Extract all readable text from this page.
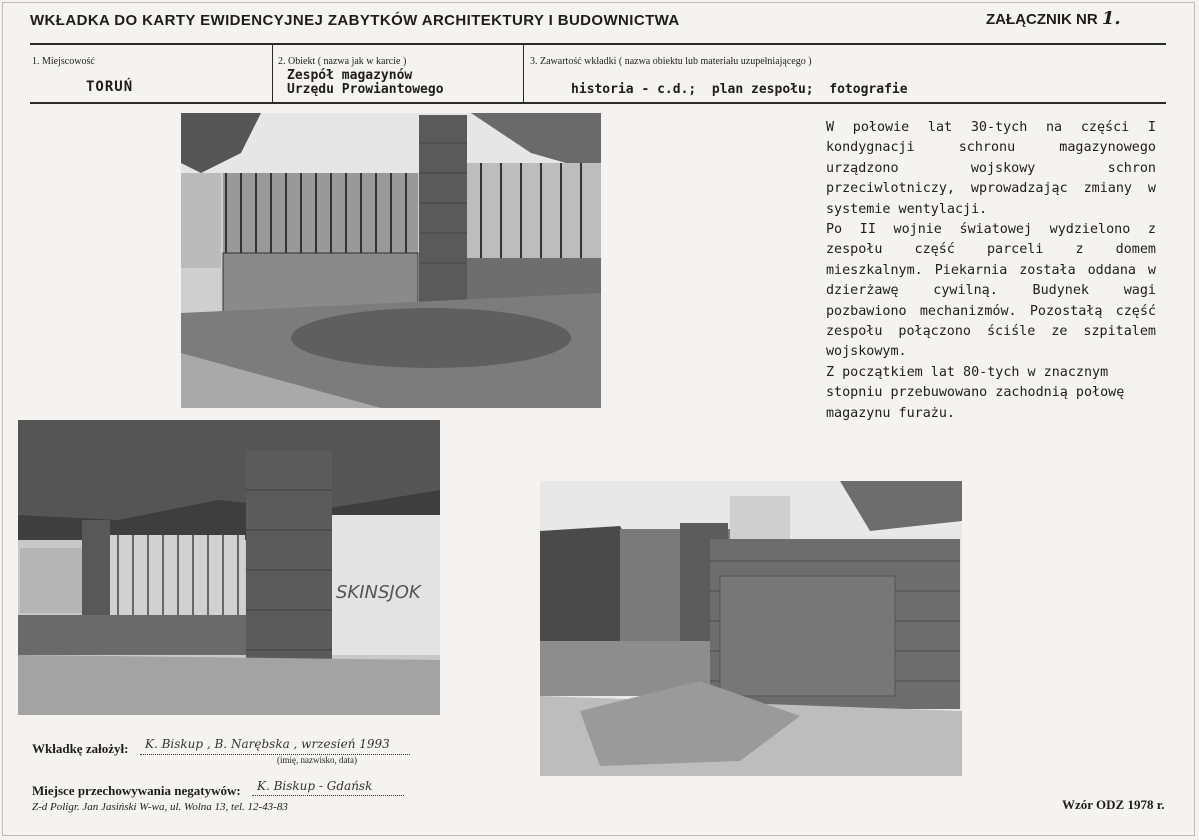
WKŁADKA DO KARTY EWIDENCYJNEJ ZABYTKÓW ARCHITEKTURY I BUDOWNICTWA	ZAŁĄCZNIK NR 1.
1. Miejscowość
TORUŃ
2. Obiekt ( nazwa jak w karcie )
Zespół magazynów
Urzędu Prowiantowego
3. Zawartość wkładki ( nazwa obiektu lub materiału uzupełniającego )
historia - c.d.;  plan zespołu;  fotografie

W połowie lat 30-tych na części I kondygnacji schronu magazynowego urządzono wojskowy schron przeciwlotniczy, wprowadzając zmiany w systemie wentylacji.

Po II wojnie światowej wydzielono z zespołu część parceli z domem mieszkalnym. Piekarnia została oddana w dzierżawę cywilną. Budynek wagi pozbawiono mechanizmów. Pozostałą część zespołu połączono ściśle ze szpitalem wojskowym.

Z początkiem lat 80-tych w znacznym stopniu przebuwowano zachodnią połowę magazynu furażu.

SKINSJOK
Wkładkę założył: K. Biskup , B. Narębska , wrzesień 1993
(imię, nazwisko, data)
Miejsce przechowywania negatywów: K. Biskup - Gdańsk
Z-d Poligr. Jan Jasiński W-wa, ul. Wolna 13, tel. 12-43-83	Wzór ODZ 1978 r.
